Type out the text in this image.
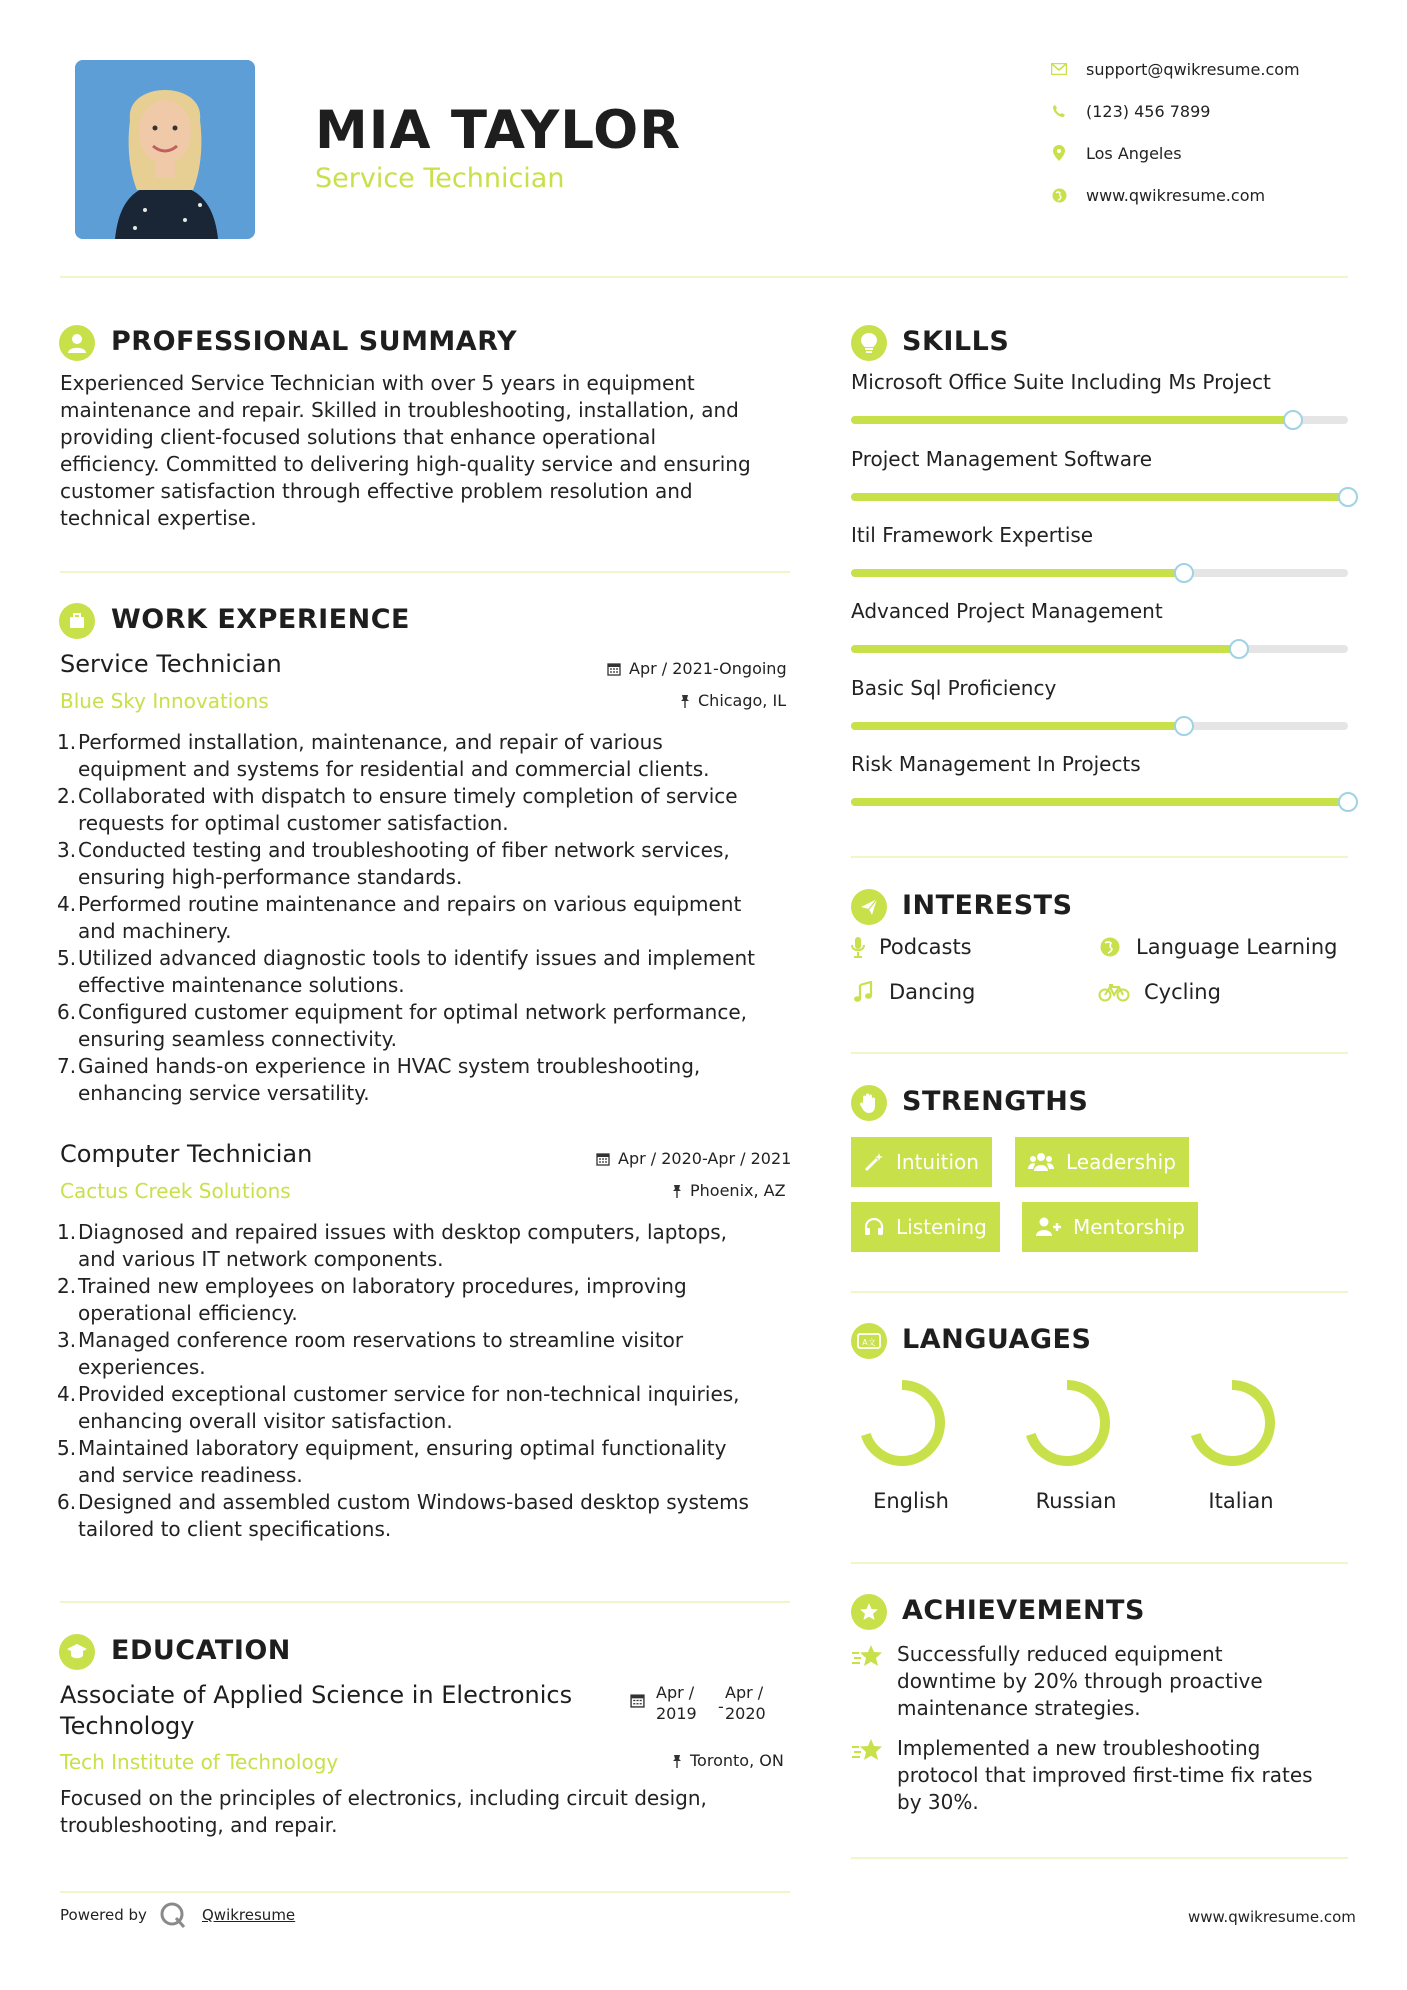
MIA TAYLOR
Service Technician
support@qwikresume.com
(123) 456 7899
Los Angeles
www.qwikresume.com
PROFESSIONAL SUMMARY
Experienced Service Technician with over 5 years in equipment
maintenance and repair. Skilled in troubleshooting, installation, and
providing client-focused solutions that enhance operational
efficiency. Committed to delivering high-quality service and ensuring
customer satisfaction through effective problem resolution and
technical expertise.
WORK EXPERIENCE
Service Technician	Apr / 2021-Ongoing
Blue Sky Innovations	Chicago, IL
1. Performed installation, maintenance, and repair of various
equipment and systems for residential and commercial clients.
2. Collaborated with dispatch to ensure timely completion of service
requests for optimal customer satisfaction.
3. Conducted testing and troubleshooting of fiber network services,
ensuring high-performance standards.
4. Performed routine maintenance and repairs on various equipment
and machinery.
5. Utilized advanced diagnostic tools to identify issues and implement
effective maintenance solutions.
6. Configured customer equipment for optimal network performance,
ensuring seamless connectivity.
7. Gained hands-on experience in HVAC system troubleshooting,
enhancing service versatility.
Computer Technician	Apr / 2020-Apr / 2021
Cactus Creek Solutions	Phoenix, AZ
1. Diagnosed and repaired issues with desktop computers, laptops,
and various IT network components.
2. Trained new employees on laboratory procedures, improving
operational efficiency.
3. Managed conference room reservations to streamline visitor
experiences.
4. Provided exceptional customer service for non-technical inquiries,
enhancing overall visitor satisfaction.
5. Maintained laboratory equipment, ensuring optimal functionality
and service readiness.
6. Designed and assembled custom Windows-based desktop systems
tailored to client specifications.
EDUCATION
Associate of Applied Science in Electronics
Technology
Apr /
2019 -
Apr /
2020
Tech Institute of Technology	Toronto, ON
Focused on the principles of electronics, including circuit design,
troubleshooting, and repair.
SKILLS
Microsoft Office Suite Including Ms Project
Project Management Software
Itil Framework Expertise
Advanced Project Management
Basic Sql Proficiency
Risk Management In Projects
INTERESTS
Podcasts	Language Learning
Dancing	Cycling
STRENGTHS
Intuition	Leadership
Listening	Mentorship
A文 LANGUAGES
English	Russian	Italian
ACHIEVEMENTS
Successfully reduced equipment
downtime by 20% through proactive
maintenance strategies.
Implemented a new troubleshooting
protocol that improved first-time fix rates
by 30%.
Powered by	Qwikresume	www.qwikresume.com
